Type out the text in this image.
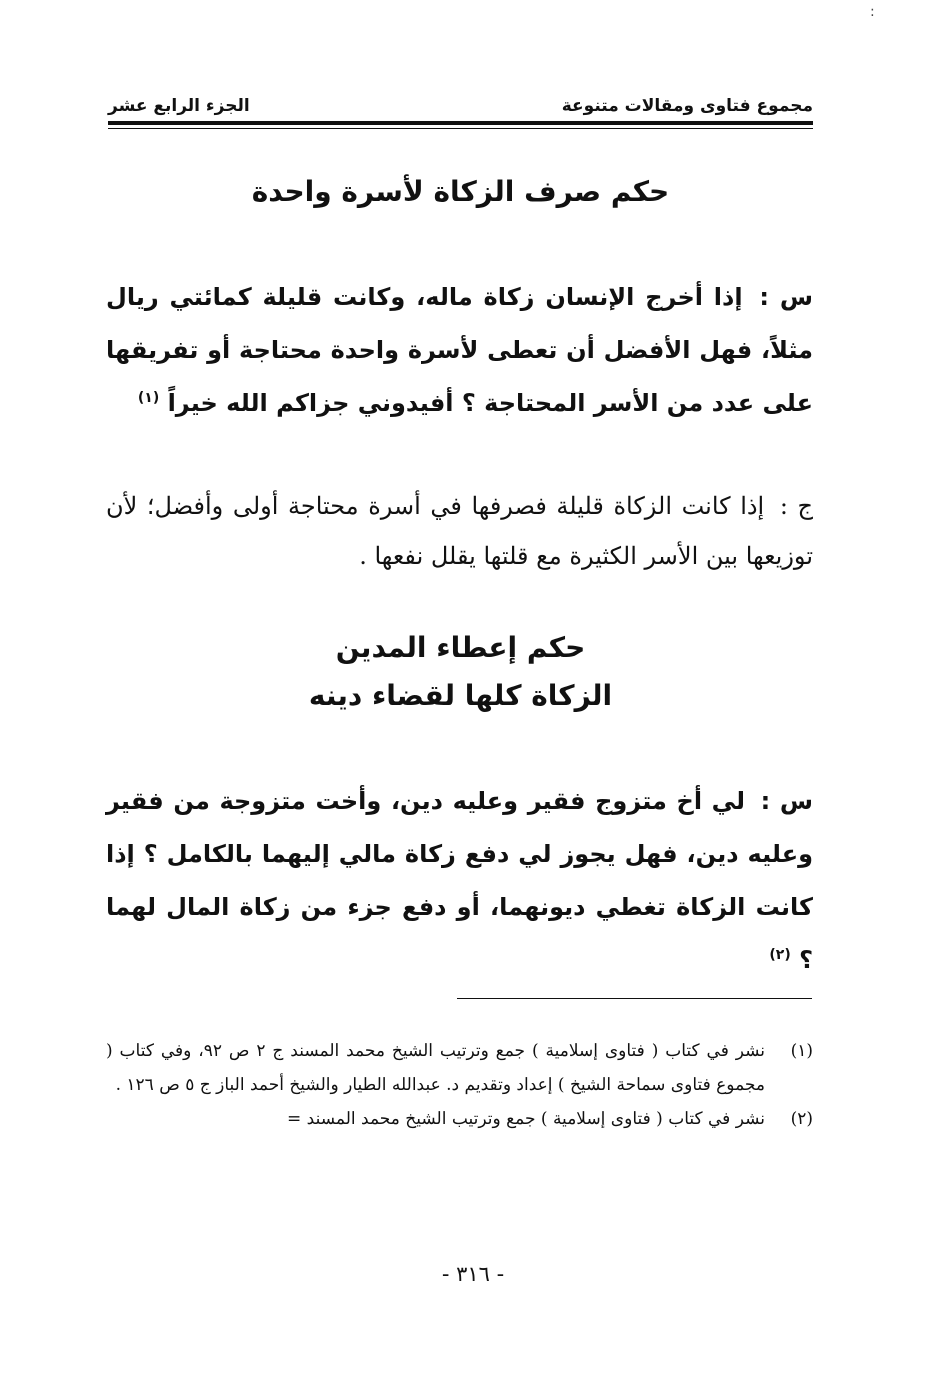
:
مجموع فتاوى ومقالات متنوعة
الجزء الرابع عشر
حكم صرف الزكاة لأسرة واحدة
س : إذا أخرج الإنسان زكاة ماله، وكانت قليلة كمائتي ريال مثلاً، فهل الأفضل أن تعطى لأسرة واحدة محتاجة أو تفريقها على عدد من الأسر المحتاجة ؟ أفيدوني جزاكم الله خيراً $^{(١)}$
ج : إذا كانت الزكاة قليلة فصرفها في أسرة محتاجة أولى وأفضل؛ لأن توزيعها بين الأسر الكثيرة مع قلتها يقلل نفعها .
حكم إعطاء المدين
الزكاة كلها لقضاء دينه
س : لي أخ متزوج فقير وعليه دين، وأخت متزوجة من فقير وعليه دين، فهل يجوز لي دفع زكاة مالي إليهما بالكامل ؟ إذا كانت الزكاة تغطي ديونهما، أو دفع جزء من زكاة المال لهما ؟ $^{(٢)}$
(١)
نشر في كتاب ( فتاوى إسلامية ) جمع وترتيب الشيخ محمد المسند ج ٢ ص ٩٢، وفي كتاب ( مجموع فتاوى سماحة الشيخ ) إعداد وتقديم د. عبدالله الطيار والشيخ أحمد الباز ج ٥ ص ١٢٦ .
(٢)
نشر في كتاب ( فتاوى إسلامية ) جمع وترتيب الشيخ محمد المسند =
- ٣١٦ -
